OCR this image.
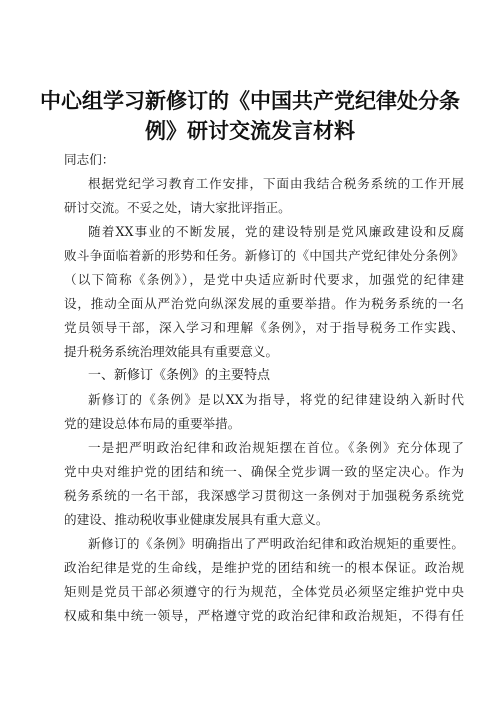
中心组学习新修订的《中国共产党纪律处分条
例》研讨交流发言材料
同志们：
根据党纪学习教育工作安排，下面由我结合税务系统的工作开展
研讨交流。不妥之处，请大家批评指正。
随着XX事业的不断发展，党的建设特别是党风廉政建设和反腐
败斗争面临着新的形势和任务。新修订的《中国共产党纪律处分条例》
（以下简称《条例》），是党中央适应新时代要求，加强党的纪律建
设，推动全面从严治党向纵深发展的重要举措。作为税务系统的一名
党员领导干部，深入学习和理解《条例》，对于指导税务工作实践、
提升税务系统治理效能具有重要意义。
一、新修订《条例》的主要特点
新修订的《条例》是以XX为指导，将党的纪律建设纳入新时代
党的建设总体布局的重要举措。
一是把严明政治纪律和政治规矩摆在首位。《条例》充分体现了
党中央对维护党的团结和统一、确保全党步调一致的坚定决心。作为
税务系统的一名干部，我深感学习贯彻这一条例对于加强税务系统党
的建设、推动税收事业健康发展具有重大意义。
新修订的《条例》明确指出了严明政治纪律和政治规矩的重要性。
政治纪律是党的生命线，是维护党的团结和统一的根本保证。政治规
矩则是党员干部必须遵守的行为规范，全体党员必须坚定维护党中央
权威和集中统一领导，严格遵守党的政治纪律和政治规矩，不得有任
